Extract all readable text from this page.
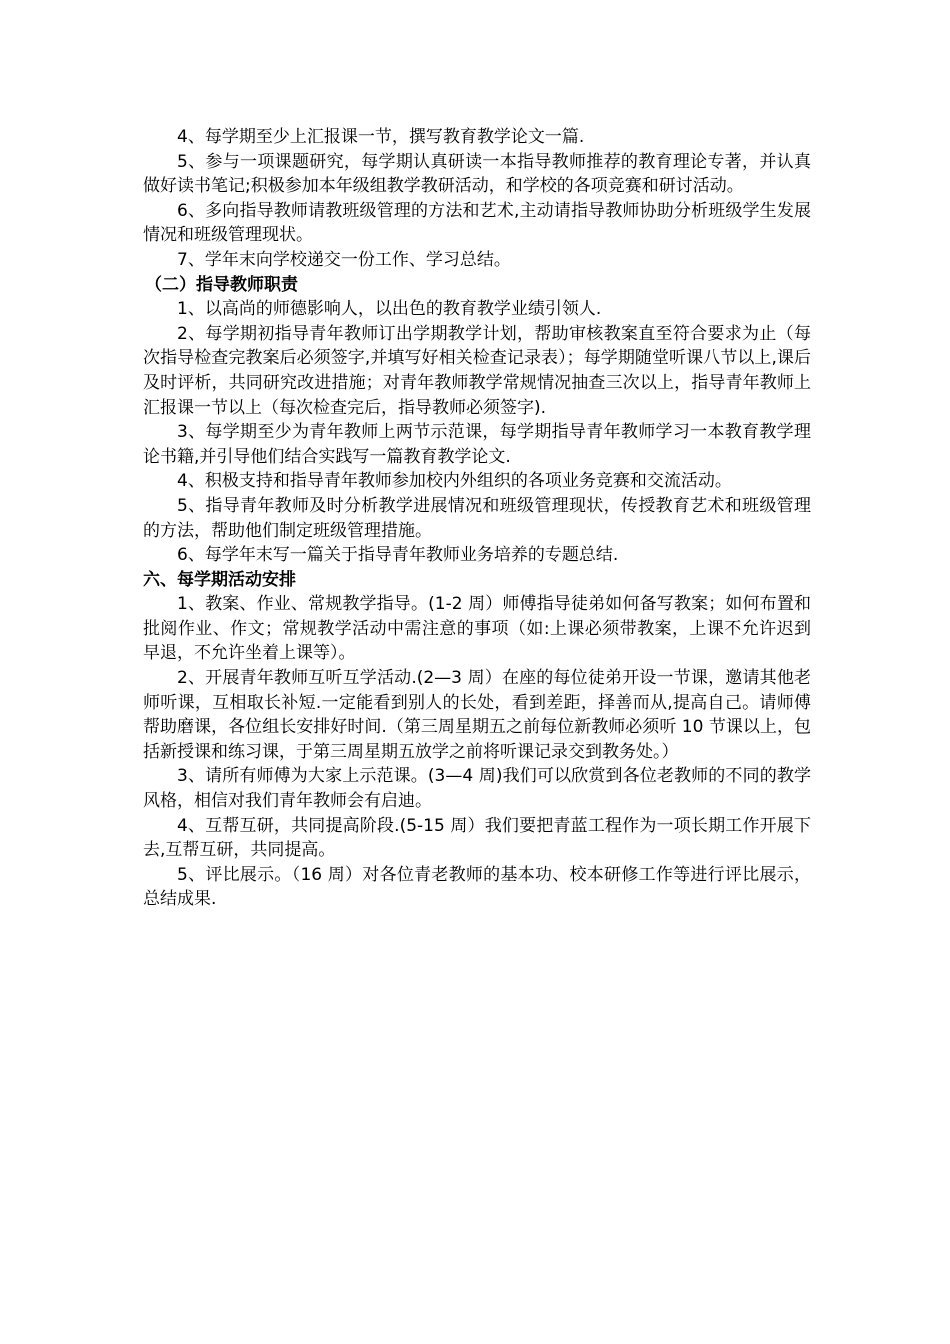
4、每学期至少上汇报课一节，撰写教育教学论文一篇.

5、参与一项课题研究，每学期认真研读一本指导教师推荐的教育理论专著，并认真做好读书笔记;积极参加本年级组教学教研活动，和学校的各项竞赛和研讨活动。

6、多向指导教师请教班级管理的方法和艺术,主动请指导教师协助分析班级学生发展情况和班级管理现状。

7、学年末向学校递交一份工作、学习总结。

（二）指导教师职责

1、以高尚的师德影响人，以出色的教育教学业绩引领人.

2、每学期初指导青年教师订出学期教学计划，帮助审核教案直至符合要求为止（每次指导检查完教案后必须签字,并填写好相关检查记录表）；每学期随堂听课八节以上,课后及时评析，共同研究改进措施；对青年教师教学常规情况抽查三次以上，指导青年教师上汇报课一节以上（每次检查完后，指导教师必须签字).

3、每学期至少为青年教师上两节示范课，每学期指导青年教师学习一本教育教学理论书籍,并引导他们结合实践写一篇教育教学论文.

4、积极支持和指导青年教师参加校内外组织的各项业务竞赛和交流活动。

5、指导青年教师及时分析教学进展情况和班级管理现状，传授教育艺术和班级管理的方法，帮助他们制定班级管理措施。

6、每学年末写一篇关于指导青年教师业务培养的专题总结.

六、每学期活动安排

1、教案、作业、常规教学指导。(1-2 周）师傅指导徒弟如何备写教案；如何布置和批阅作业、作文；常规教学活动中需注意的事项（如:上课必须带教案，上课不允许迟到早退，不允许坐着上课等）。

2、开展青年教师互听互学活动.(2—3 周）在座的每位徒弟开设一节课，邀请其他老师听课，互相取长补短.一定能看到别人的长处，看到差距，择善而从,提高自己。请师傅帮助磨课，各位组长安排好时间.（第三周星期五之前每位新教师必须听 10 节课以上，包括新授课和练习课，于第三周星期五放学之前将听课记录交到教务处。）

3、请所有师傅为大家上示范课。(3—4 周)我们可以欣赏到各位老教师的不同的教学风格，相信对我们青年教师会有启迪。

4、互帮互研，共同提高阶段.(5-15 周）我们要把青蓝工程作为一项长期工作开展下去,互帮互研，共同提高。

5、评比展示。（16 周）对各位青老教师的基本功、校本研修工作等进行评比展示，总结成果.
